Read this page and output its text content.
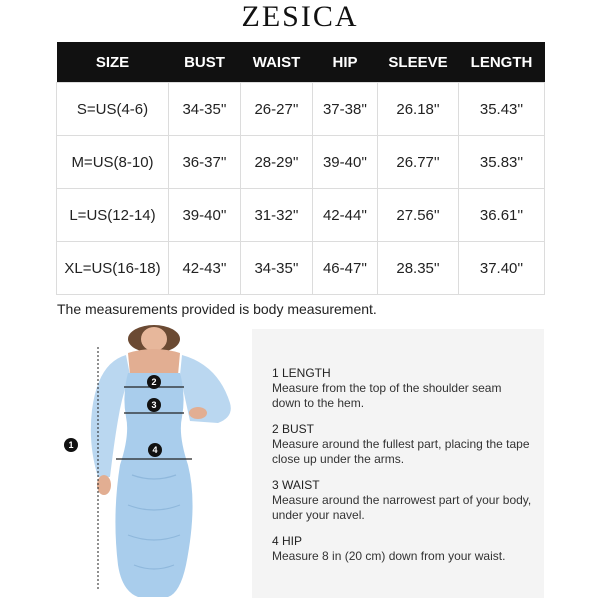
ZESICA
SIZE	BUST	WAIST	HIP	SLEEVE	LENGTH
S=US(4-6)	34-35''	26-27''	37-38''	26.18''	35.43''
M=US(8-10)	36-37''	28-29''	39-40''	26.77''	35.83''
L=US(12-14)	39-40''	31-32''	42-44''	27.56''	36.61''
XL=US(16-18)	42-43''	34-35''	46-47''	28.35''	37.40''
The measurements provided is body measurement.
1
2
3
4
1 LENGTH
Measure from the top of the shoulder seam down to the hem.
2 BUST
Measure around the fullest part, placing the tape close up under the arms.
3 WAIST
Measure around the narrowest part of your body, under your navel.
4 HIP
Measure 8 in (20 cm) down from your waist.
